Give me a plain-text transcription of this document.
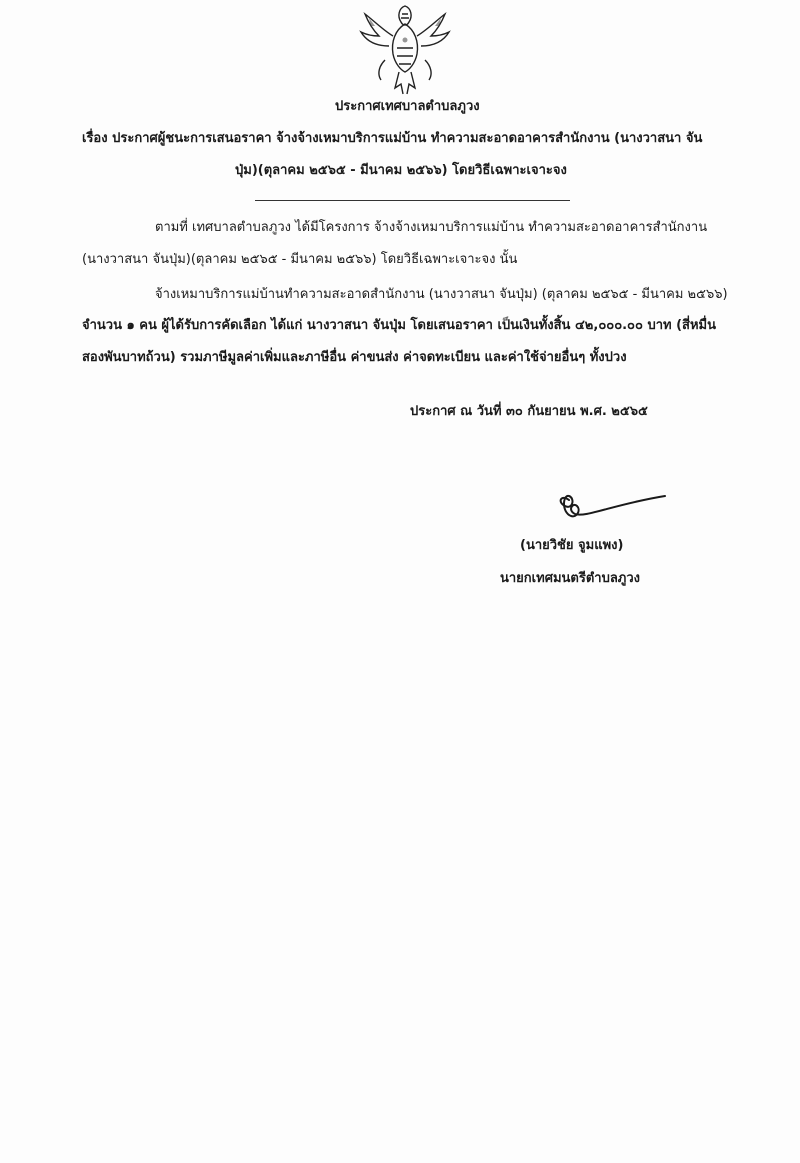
ประกาศเทศบาลตำบลภูวง
เรื่อง ประกาศผู้ชนะการเสนอราคา จ้างจ้างเหมาบริการแม่บ้าน ทำความสะอาดอาคารสำนักงาน (นางวาสนา จัน
ปุ่ม)(ตุลาคม ๒๕๖๕ - มีนาคม ๒๕๖๖) โดยวิธีเฉพาะเจาะจง
ตามที่ เทศบาลตำบลภูวง ได้มีโครงการ จ้างจ้างเหมาบริการแม่บ้าน ทำความสะอาดอาคารสำนักงาน
(นางวาสนา จันปุ่ม)(ตุลาคม ๒๕๖๕ - มีนาคม ๒๕๖๖) โดยวิธีเฉพาะเจาะจง นั้น
จ้างเหมาบริการแม่บ้านทำความสะอาดสำนักงาน (นางวาสนา จันปุ่ม) (ตุลาคม ๒๕๖๕ - มีนาคม ๒๕๖๖)
จำนวน ๑ คน ผู้ได้รับการคัดเลือก ได้แก่ นางวาสนา จันปุ่ม โดยเสนอราคา เป็นเงินทั้งสิ้น ๔๒,๐๐๐.๐๐ บาท (สี่หมื่น
สองพันบาทถ้วน) รวมภาษีมูลค่าเพิ่มและภาษีอื่น ค่าขนส่ง ค่าจดทะเบียน และค่าใช้จ่ายอื่นๆ ทั้งปวง
ประกาศ ณ วันที่ ๓๐ กันยายน พ.ศ. ๒๕๖๕
(นายวิชัย จูมแพง)
นายกเทศมนตรีตำบลภูวง
